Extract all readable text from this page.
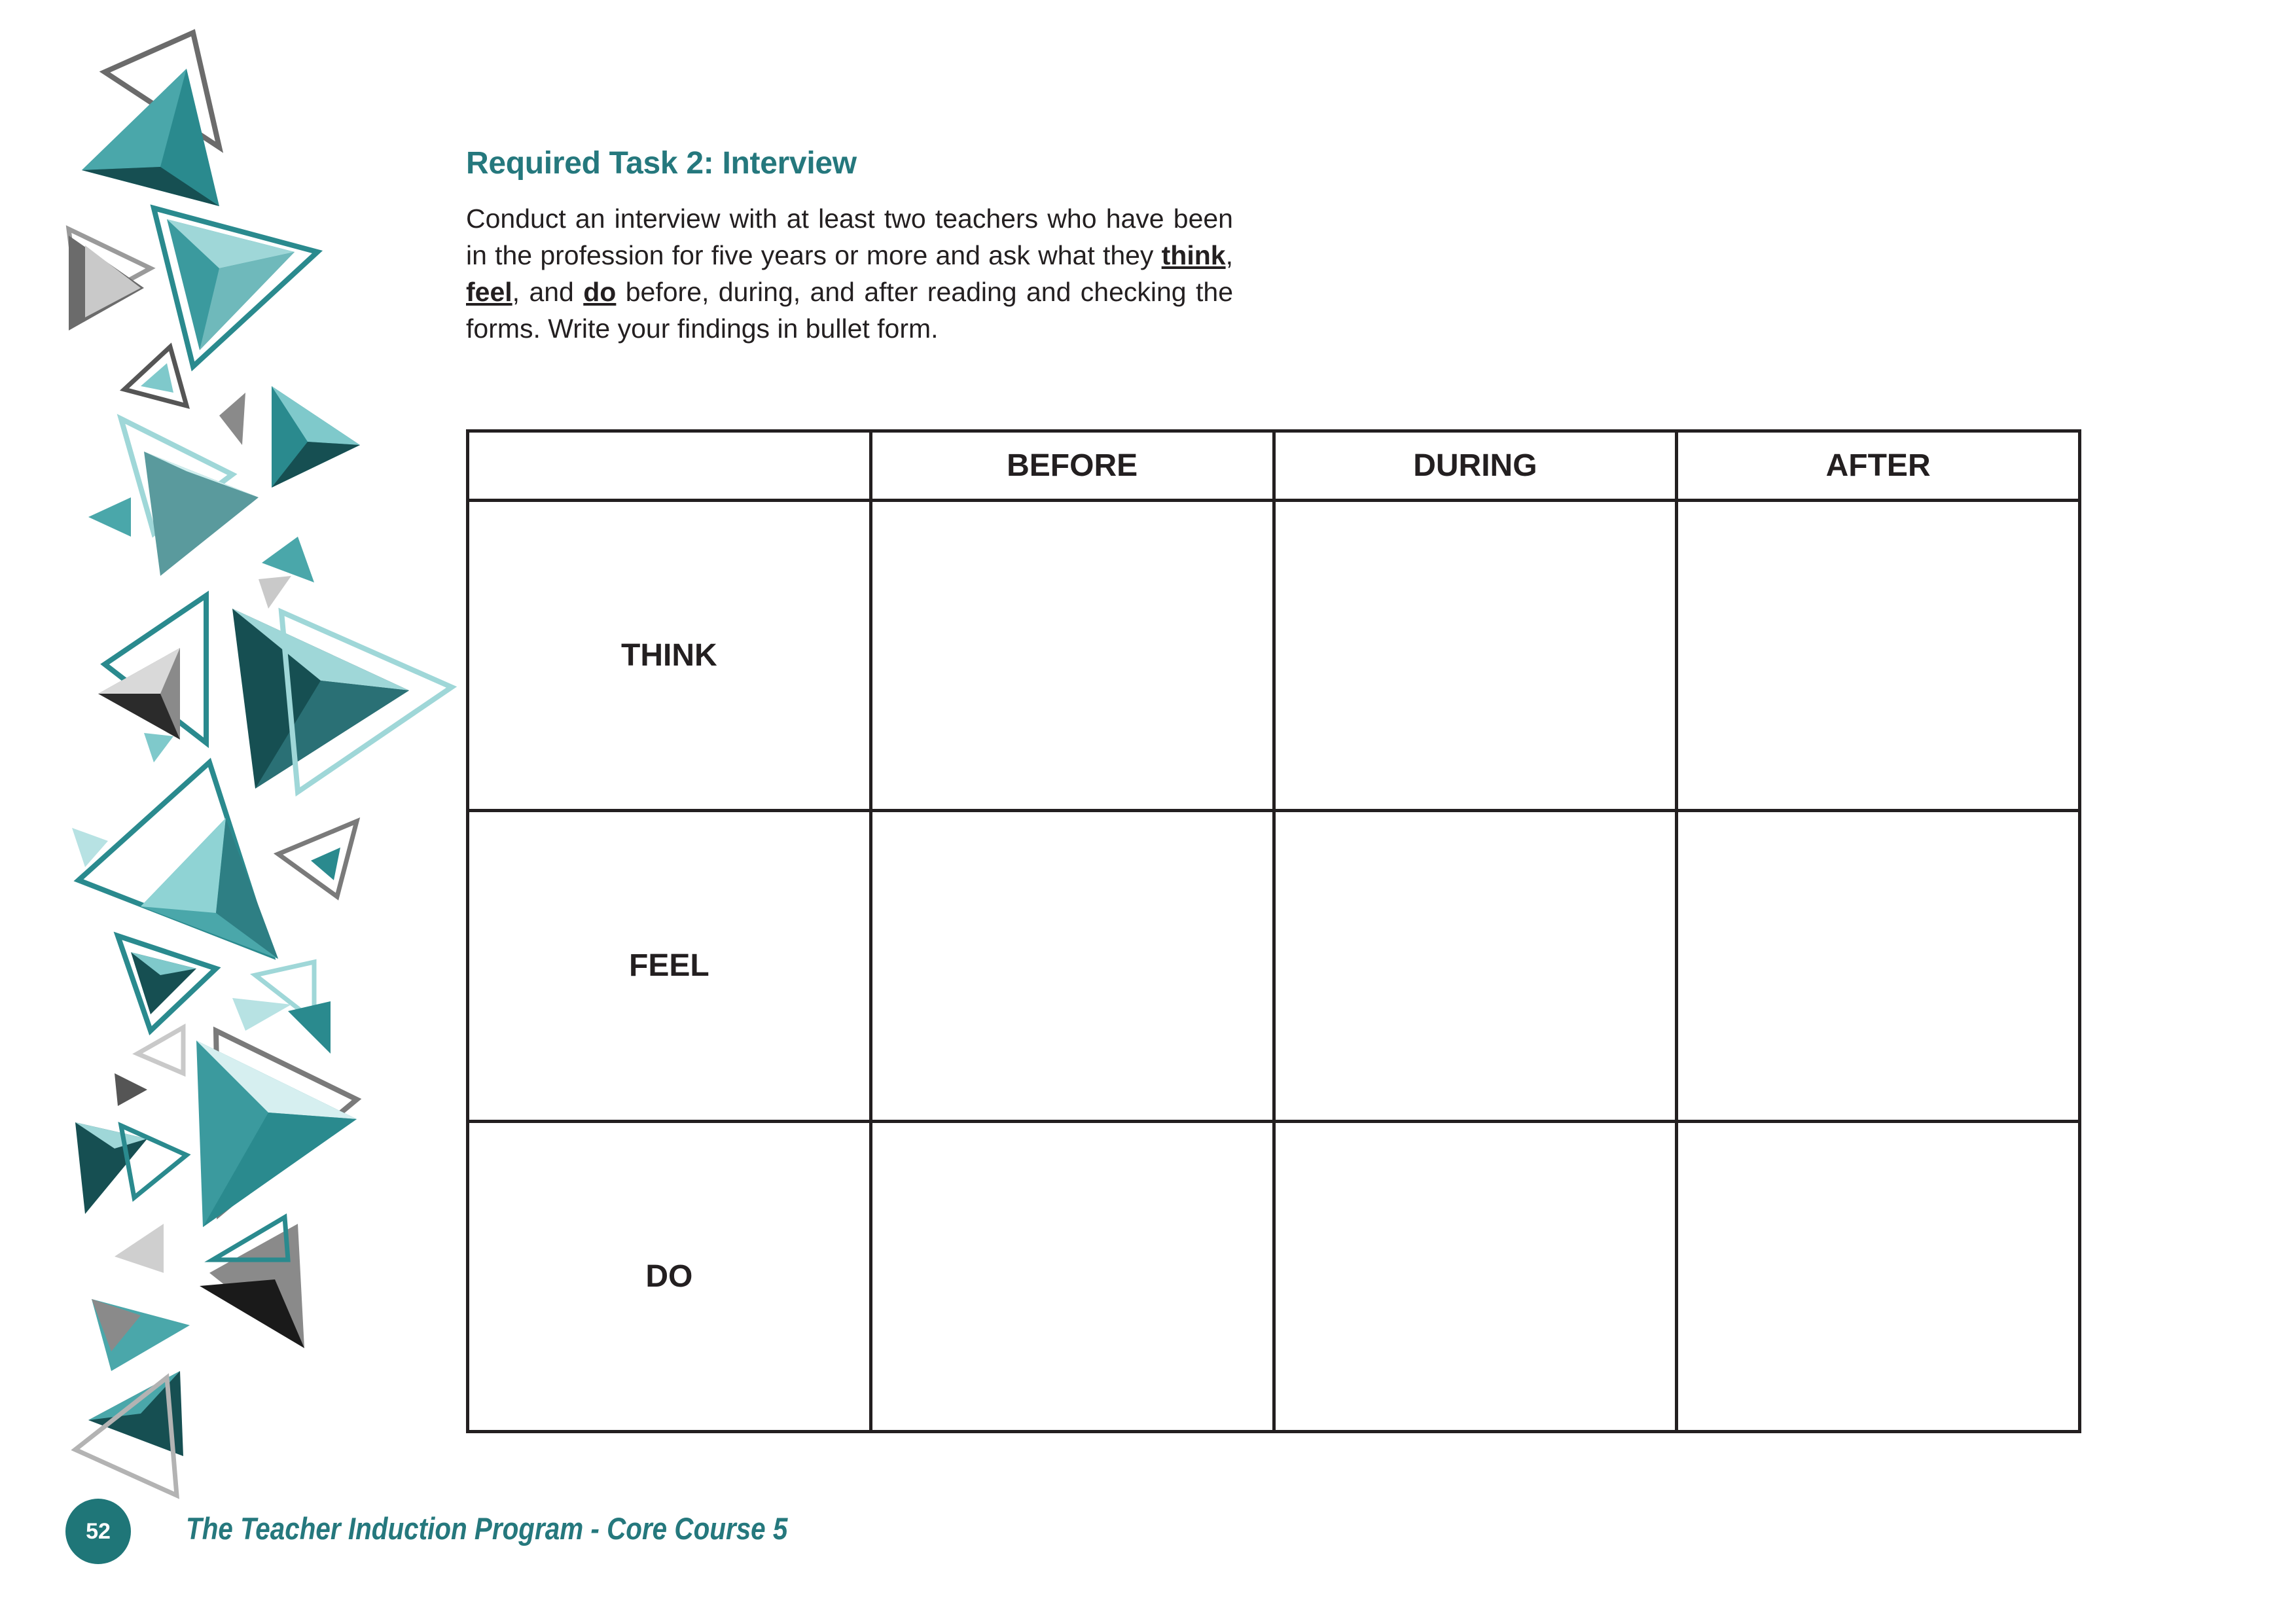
Required Task 2: Interview

Conduct an interview with at least two teachers who have been in the profession for five years or more and ask what they think, feel, and do before, during, and after reading and checking the forms. Write your findings in bullet form.

	BEFORE	DURING	AFTER
THINK			
FEEL			
DO			
52	The Teacher Induction Program - Core Course 5
